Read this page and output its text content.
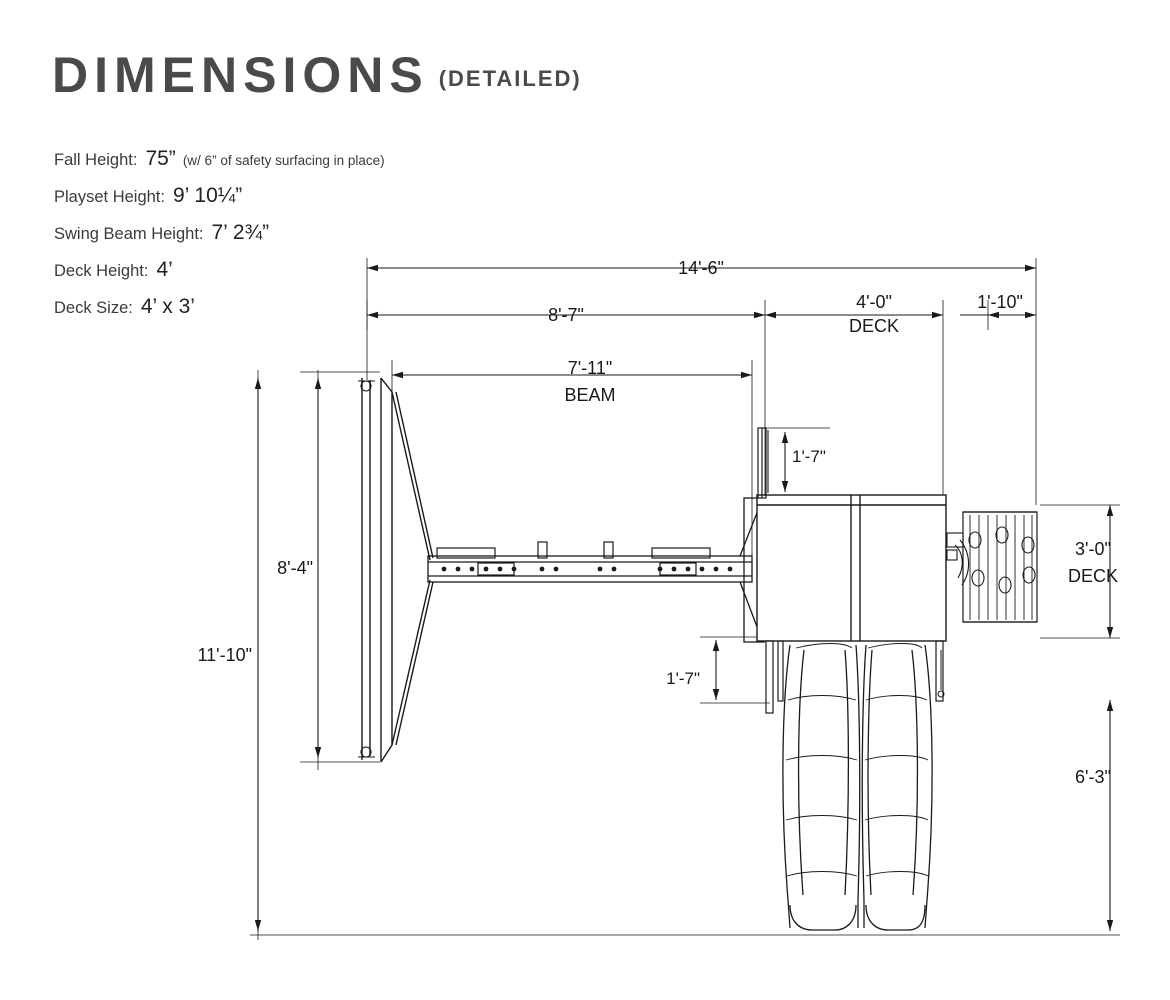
DIMENSIONS (DETAILED)
Fall Height: 75” (w/ 6” of safety surfacing in place)
Playset Height: 9’ 10¼”
Swing Beam Height: 7’ 2¾”
Deck Height: 4’
Deck Size: 4’ x 3’
14'-6"
8'-7"
4'-0"
DECK
1'-10"
7'-11"
BEAM
8'-4"
11'-10"
1'-7"
1'-7"
3'-0"
DECK
6'-3"
